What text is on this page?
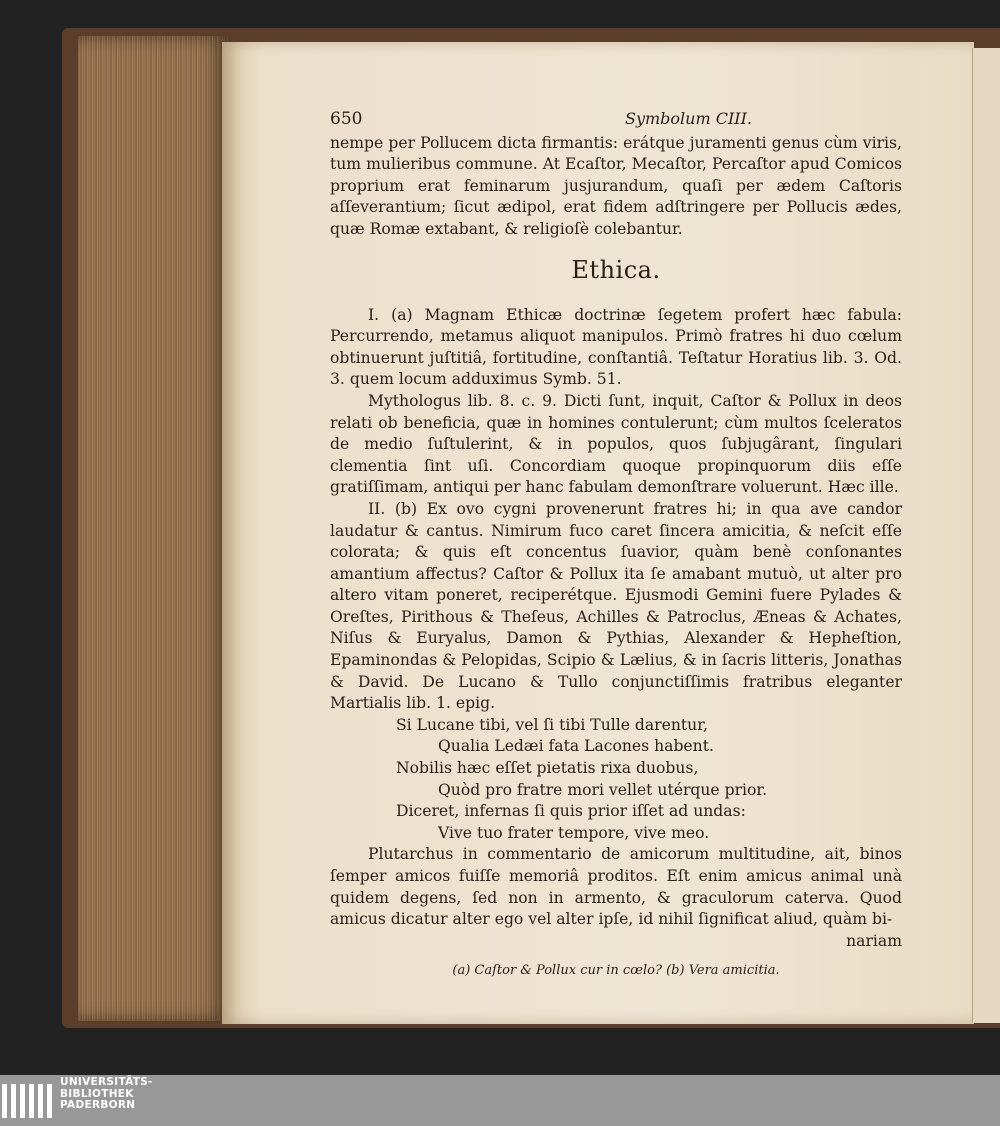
650	Symbolum CIII.

nempe per Pollucem dicta firmantis: erátque juramenti genus cùm viris, tum mulieribus commune. At Ecaſtor, Mecaſtor, Percaſtor apud Comicos proprium erat feminarum jusjurandum, quaſi per ædem Caſtoris aſſeverantium; ſicut ædipol, erat fidem adſtringere per Pollucis ædes, quæ Romæ extabant, & religioſè colebantur.

Ethica.

I. (a) Magnam Ethicæ doctrinæ ſegetem profert hæc fabula: Percurrendo, metamus aliquot manipulos. Primò fratres hi duo cœlum obtinuerunt juſtitiâ, fortitudine, conſtantiâ. Teſtatur Horatius lib. 3. Od. 3. quem locum adduximus Symb. 51.

Mythologus lib. 8. c. 9. Dicti ſunt, inquit, Caſtor & Pollux in deos relati ob beneficia, quæ in homines contulerunt; cùm multos ſceleratos de medio ſuſtulerint, & in populos, quos ſubjugârant, ſingulari clementia ſint uſi. Concordiam quoque propinquorum diis eſſe gratiſſimam, antiqui per hanc fabulam demonſtrare voluerunt. Hæc ille.

II. (b) Ex ovo cygni provenerunt fratres hi; in qua ave candor laudatur & cantus. Nimirum fuco caret ſincera amicitia, & neſcit eſſe colorata; & quis eſt concentus ſuavior, quàm benè conſonantes amantium affectus? Caſtor & Pollux ita ſe amabant mutuò, ut alter pro altero vitam poneret, reciperétque. Ejusmodi Gemini fuere Pylades & Oreſtes, Pirithous & Theſeus, Achilles & Patroclus, Æneas & Achates, Niſus & Euryalus, Damon & Pythias, Alexander & Hepheſtion, Epaminondas & Pelopidas, Scipio & Lælius, & in ſacris litteris, Jonathas & David. De Lucano & Tullo conjunctiſſimis fratribus eleganter Martialis lib. 1. epig.

Si Lucane tibi, vel ſi tibi Tulle darentur,

Qualia Ledæi fata Lacones habent.

Nobilis hæc eſſet pietatis rixa duobus,

Quòd pro fratre mori vellet utérque prior.

Diceret, infernas ſi quis prior iſſet ad undas:

Vive tuo frater tempore, vive meo.

Plutarchus in commentario de amicorum multitudine, ait, binos ſemper amicos fuiſſe memoriâ proditos. Eſt enim amicus animal unà quidem degens, ſed non in armento, & graculorum caterva. Quod amicus dicatur alter ego vel alter ipſe, id nihil ſignificat aliud, quàm bi-

nariam

(a) Caſtor & Pollux cur in cœlo? (b) Vera amicitia.

UNIVERSITÄTS-
BIBLIOTHEK
PADERBORN
